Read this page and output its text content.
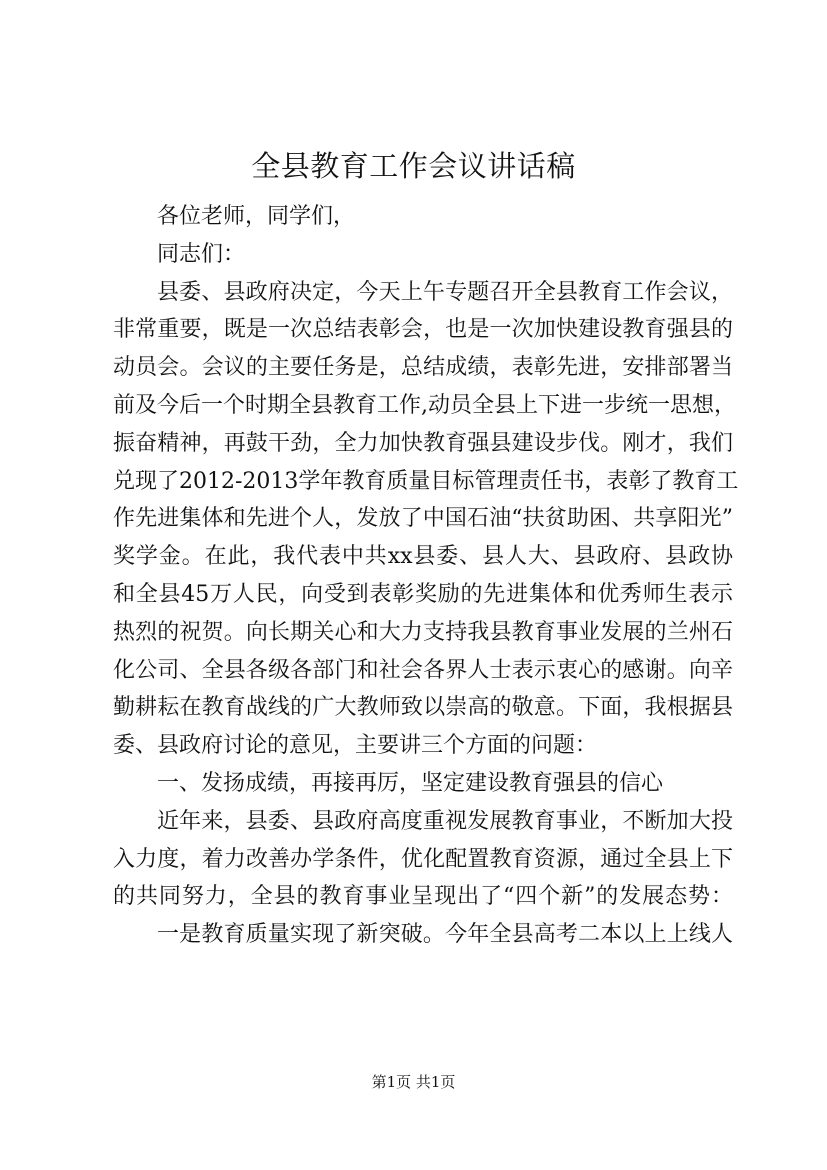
全县教育工作会议讲话稿
各位老师，同学们，
同志们：
县委、县政府决定，今天上午专题召开全县教育工作会议，
非常重要，既是一次总结表彰会，也是一次加快建设教育强县的
动员会。会议的主要任务是，总结成绩，表彰先进，安排部署当
前及今后一个时期全县教育工作,动员全县上下进一步统一思想，
振奋精神，再鼓干劲，全力加快教育强县建设步伐。刚才，我们
兑现了2012-2013学年教育质量目标管理责任书，表彰了教育工
作先进集体和先进个人，发放了中国石油“扶贫助困、共享阳光”
奖学金。在此，我代表中共xx县委、县人大、县政府、县政协
和全县45万人民，向受到表彰奖励的先进集体和优秀师生表示
热烈的祝贺。向长期关心和大力支持我县教育事业发展的兰州石
化公司、全县各级各部门和社会各界人士表示衷心的感谢。向辛
勤耕耘在教育战线的广大教师致以崇高的敬意。下面，我根据县
委、县政府讨论的意见，主要讲三个方面的问题：
一、发扬成绩，再接再厉，坚定建设教育强县的信心
近年来，县委、县政府高度重视发展教育事业，不断加大投
入力度，着力改善办学条件，优化配置教育资源，通过全县上下
的共同努力，全县的教育事业呈现出了“四个新”的发展态势：
一是教育质量实现了新突破。今年全县高考二本以上上线人
第1页 共1页
